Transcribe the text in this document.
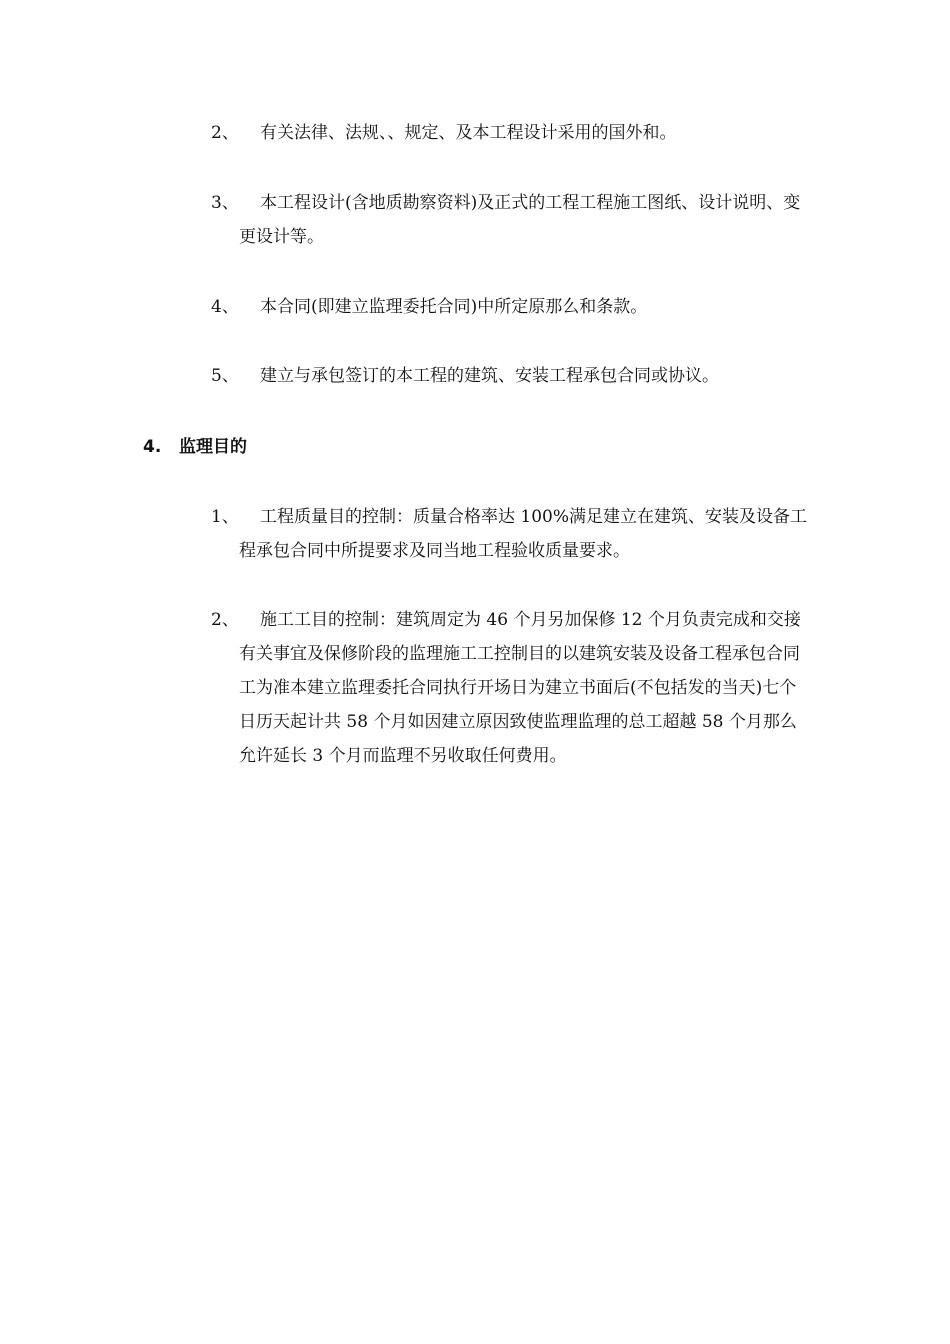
2、	有关法律、法规、、规定、及本工程设计采用的国外和。
3、	本工程设计(含地质勘察资料)及正式的工程工程施工图纸、设计说明、变更设计等。
4、	本合同(即建立监理委托合同)中所定原那么和条款。
5、	建立与承包签订的本工程的建筑、安装工程承包合同或协议。
4. 监理目的
1、	工程质量目的控制：质量合格率达 100%满足建立在建筑、安装及设备工程承包合同中所提要求及同当地工程验收质量要求。
2、	施工工目的控制：建筑周定为 46 个月另加保修 12 个月负责完成和交接有关事宜及保修阶段的监理施工工控制目的以建筑安装及设备工程承包合同工为准本建立监理委托合同执行开场日为建立书面后(不包括发的当天)七个日历天起计共 58 个月如因建立原因致使监理监理的总工超越 58 个月那么允许延长 3 个月而监理不另收取任何费用。
